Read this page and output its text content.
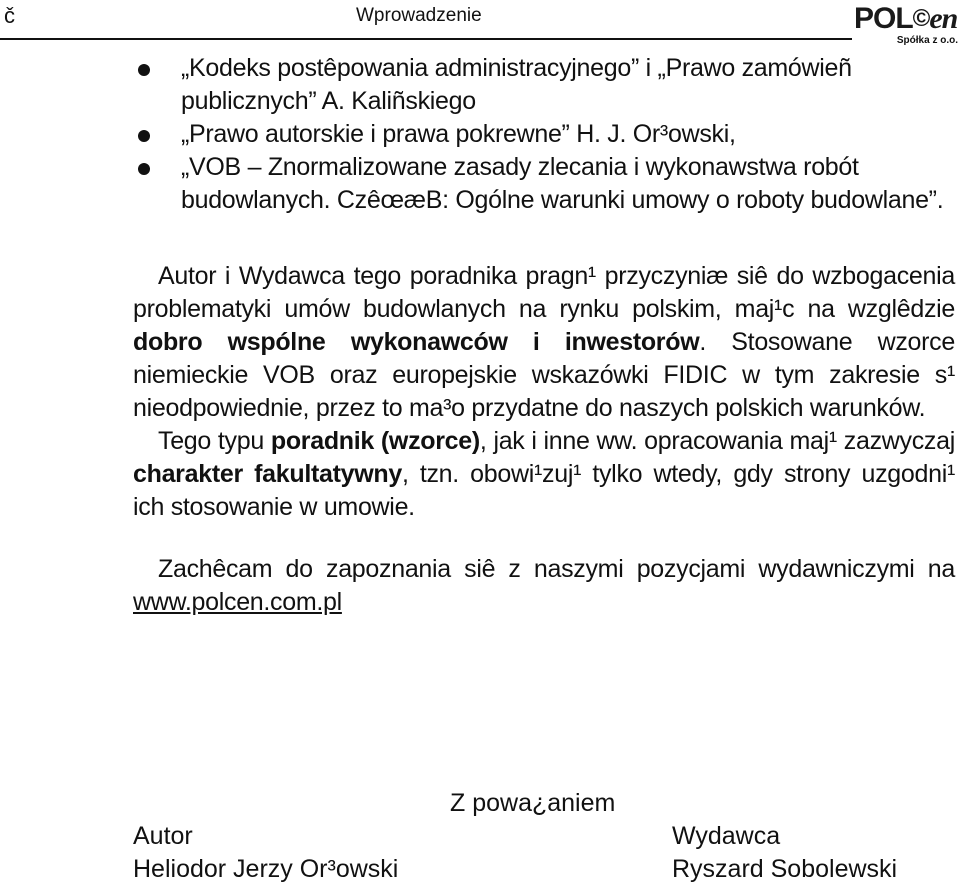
č	Wprowadzenie	POL©en
Spółka z o.o.
„Kodeks postêpowania administracyjnego” i „Prawo zamówieñ publicznych” A. Kaliñskiego
„Prawo autorskie i prawa pokrewne” H. J. Or³owski,
„VOB – Znormalizowane zasady zlecania i wykonawstwa robót budowlanych. CzêœæB: Ogólne warunki umowy o roboty budowlane”.

Autor i Wydawca tego poradnika pragn¹ przyczyniæ siê do wzbogacenia problematyki umów budowlanych na rynku polskim, maj¹c na wzglêdzie dobro wspólne wykonawców i inwestorów. Stosowane wzorce niemieckie VOB oraz europejskie wskazówki FIDIC w tym zakresie s¹ nieodpowiednie, przez to ma³o przydatne do naszych polskich warunków.

Tego typu poradnik (wzorce), jak i inne ww. opracowania maj¹ zazwyczaj charakter fakultatywny, tzn. obowi¹zuj¹ tylko wtedy, gdy strony uzgodni¹ ich stosowanie w umowie.

Zachêcam do zapoznania siê z naszymi pozycjami wydawniczymi na www.polcen.com.pl

Z powa¿aniem
Autor
Heliodor Jerzy Or³owski
Wydawca
Ryszard Sobolewski
